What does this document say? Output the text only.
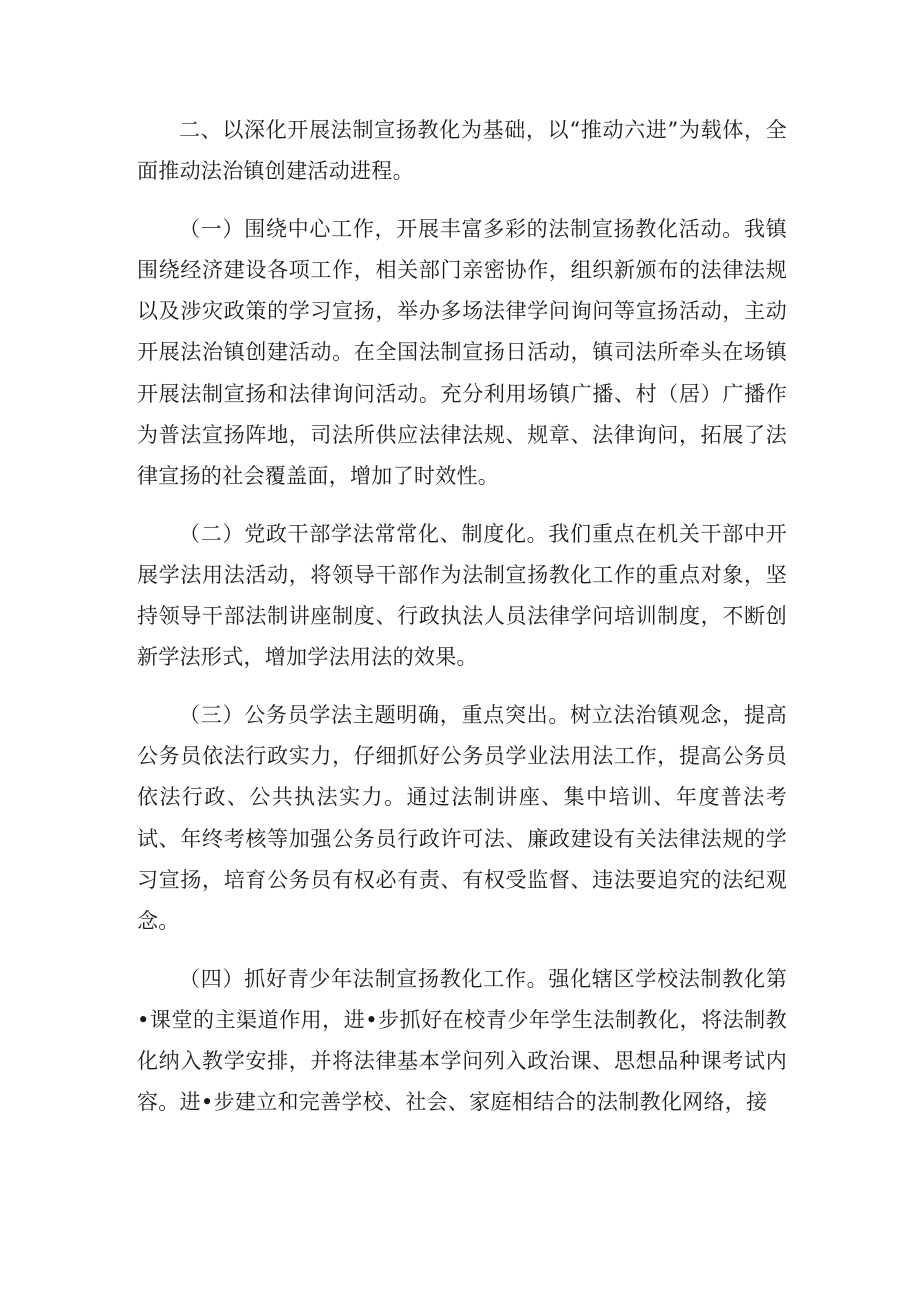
二、以深化开展法制宣扬教化为基础，以“推动六进”为载体，全面推动法治镇创建活动进程。

（一）围绕中心工作，开展丰富多彩的法制宣扬教化活动。我镇围绕经济建设各项工作，相关部门亲密协作，组织新颁布的法律法规以及涉灾政策的学习宣扬，举办多场法律学问询问等宣扬活动，主动开展法治镇创建活动。在全国法制宣扬日活动，镇司法所牵头在场镇开展法制宣扬和法律询问活动。充分利用场镇广播、村（居）广播作为普法宣扬阵地，司法所供应法律法规、规章、法律询问，拓展了法律宣扬的社会覆盖面，增加了时效性。

（二）党政干部学法常常化、制度化。我们重点在机关干部中开展学法用法活动，将领导干部作为法制宣扬教化工作的重点对象，坚持领导干部法制讲座制度、行政执法人员法律学问培训制度，不断创新学法形式，增加学法用法的效果。

（三）公务员学法主题明确，重点突出。树立法治镇观念，提高公务员依法行政实力，仔细抓好公务员学业法用法工作，提高公务员依法行政、公共执法实力。通过法制讲座、集中培训、年度普法考试、年终考核等加强公务员行政许可法、廉政建设有关法律法规的学习宣扬，培育公务员有权必有责、有权受监督、违法要追究的法纪观念。

（四）抓好青少年法制宣扬教化工作。强化辖区学校法制教化第•课堂的主渠道作用，进•步抓好在校青少年学生法制教化，将法制教化纳入教学安排，并将法律基本学问列入政治课、思想品种课考试内容。进•步建立和完善学校、社会、家庭相结合的法制教化网络，接
